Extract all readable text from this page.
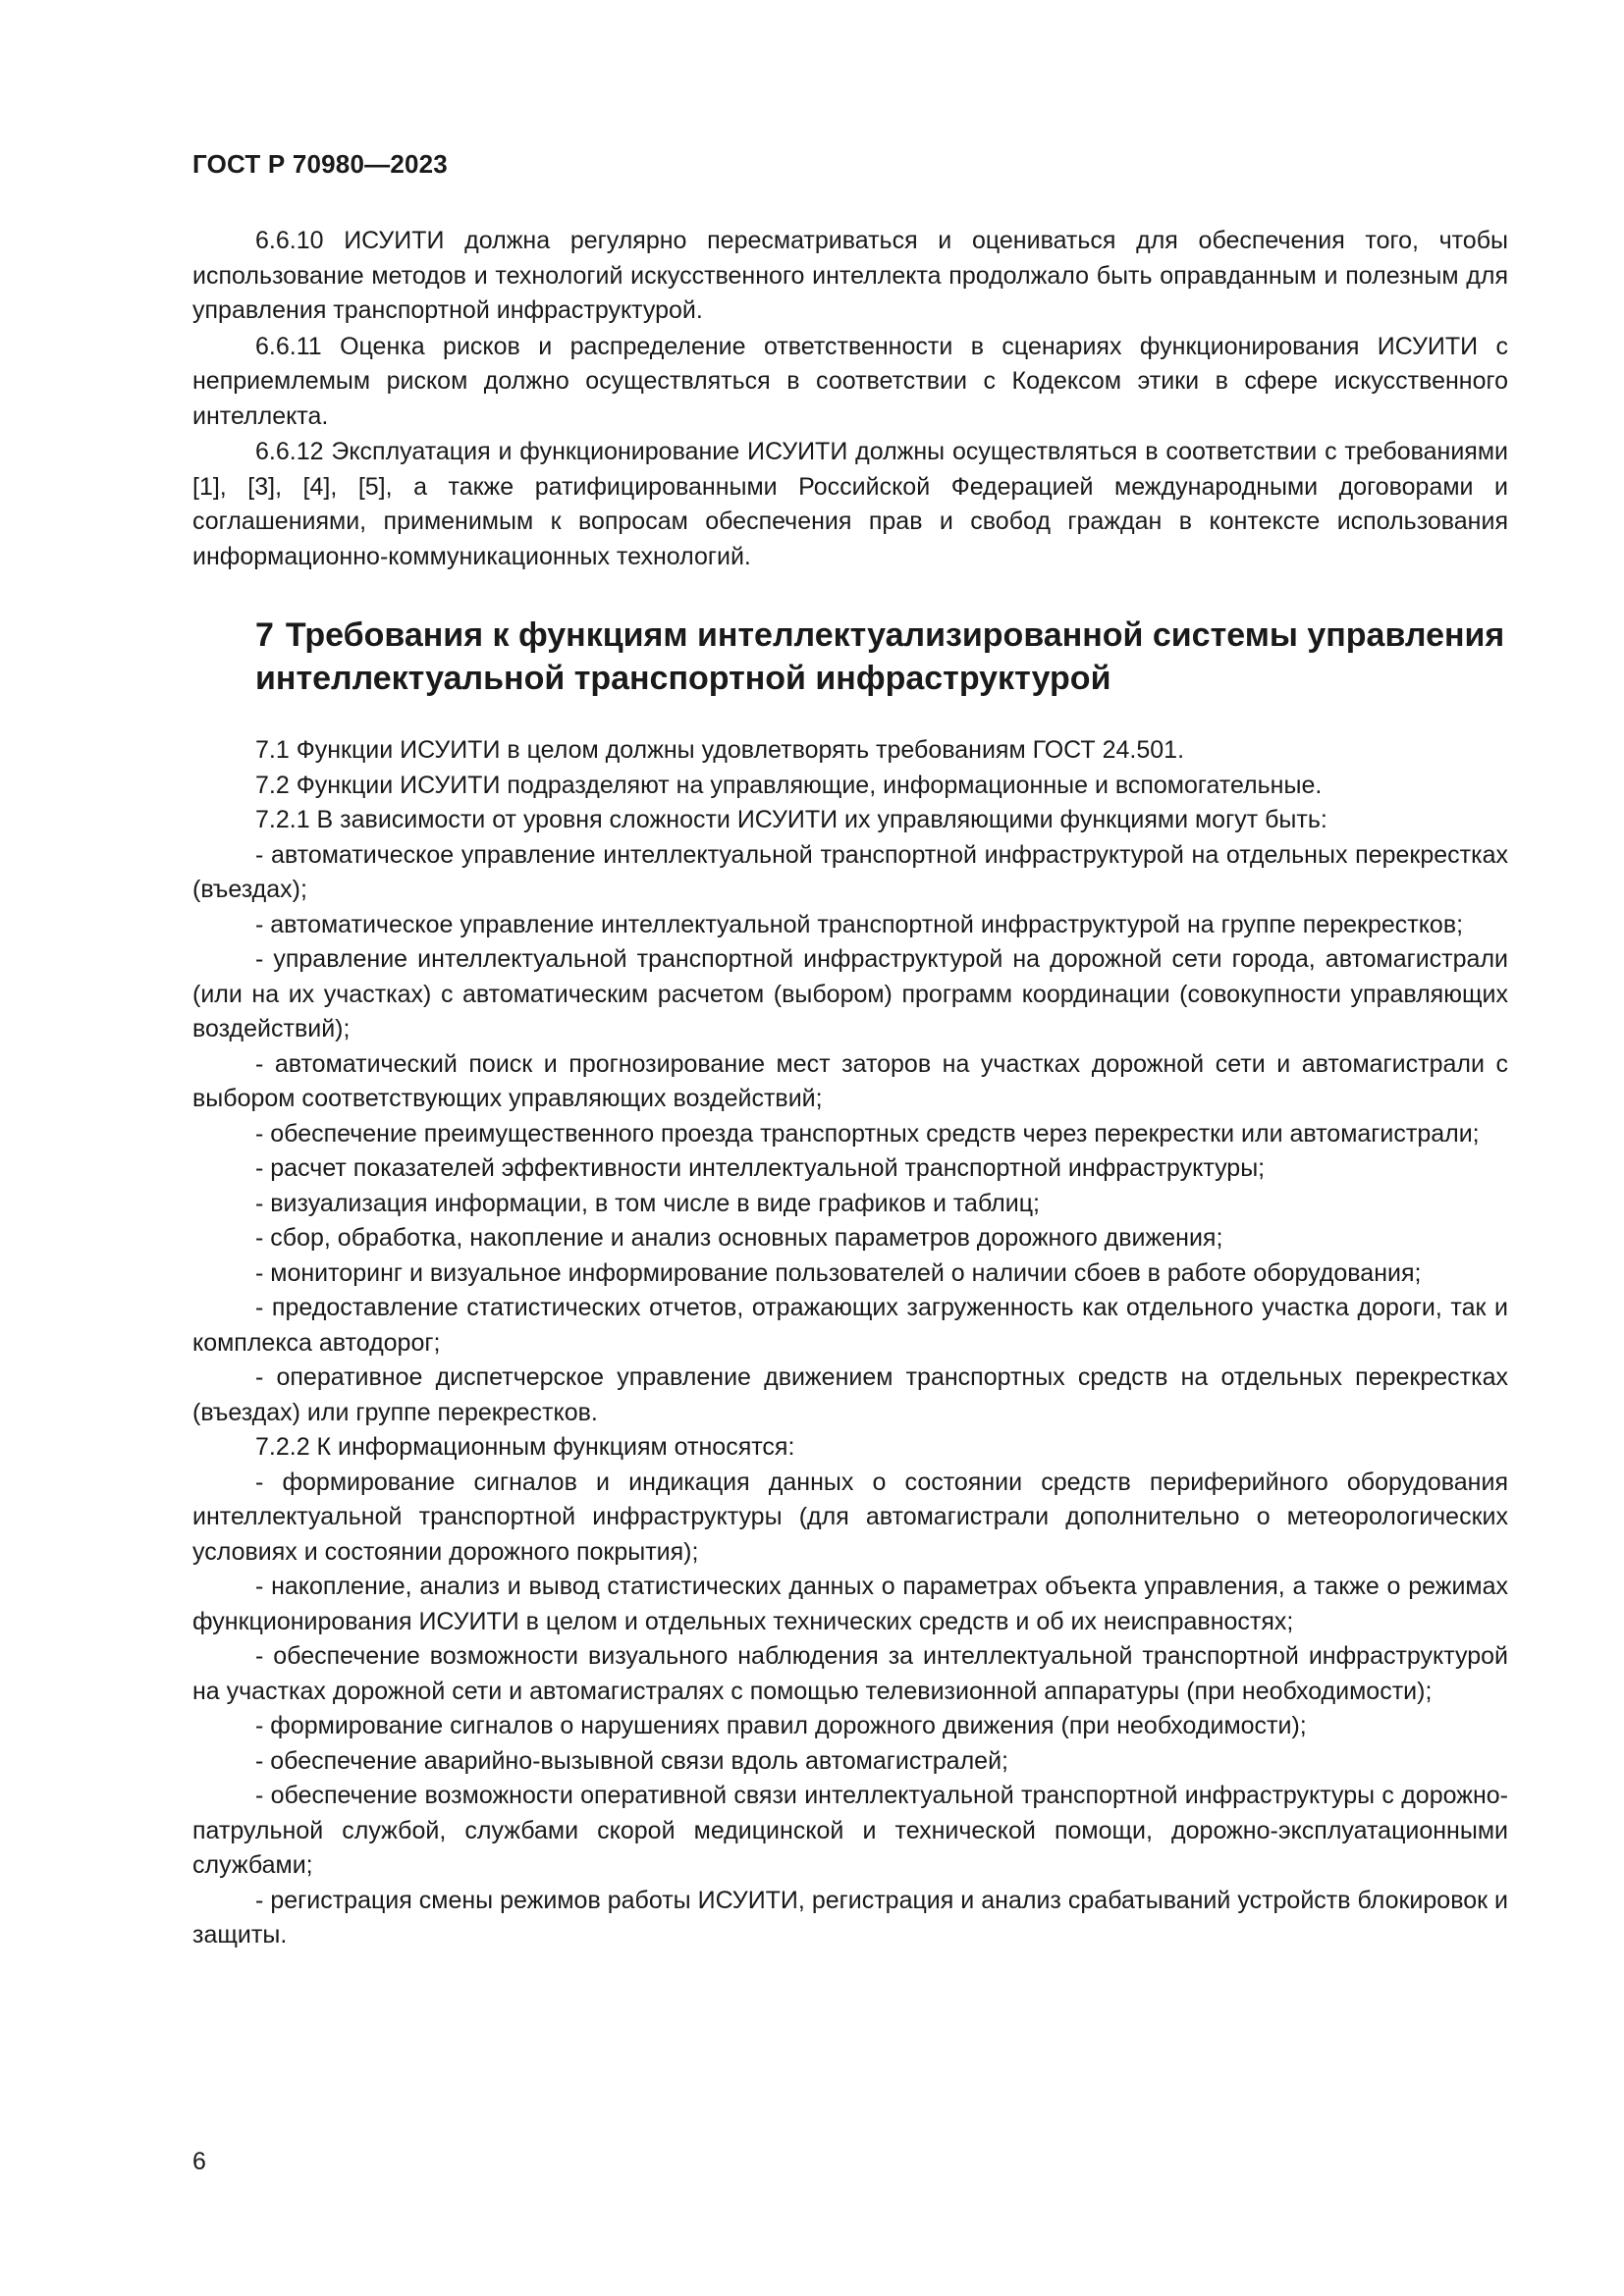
ГОСТ Р 70980—2023

6.6.10 ИСУИТИ должна регулярно пересматриваться и оцениваться для обеспечения того, чтобы использование методов и технологий искусственного интеллекта продолжало быть оправданным и полезным для управления транспортной инфраструктурой.

6.6.11 Оценка рисков и распределение ответственности в сценариях функционирования ИСУИТИ с неприемлемым риском должно осуществляться в соответствии с Кодексом этики в сфере искусственного интеллекта.

6.6.12 Эксплуатация и функционирование ИСУИТИ должны осуществляться в соответствии с требованиями [1], [3], [4], [5], а также ратифицированными Российской Федерацией международными договорами и соглашениями, применимым к вопросам обеспечения прав и свобод граждан в контексте использования информационно-коммуникационных технологий.

7 Требования к функциям интеллектуализированной системы управления интеллектуальной транспортной инфраструктурой

7.1 Функции ИСУИТИ в целом должны удовлетворять требованиям ГОСТ 24.501.

7.2 Функции ИСУИТИ подразделяют на управляющие, информационные и вспомогательные.

7.2.1 В зависимости от уровня сложности ИСУИТИ их управляющими функциями могут быть:

- автоматическое управление интеллектуальной транспортной инфраструктурой на отдельных перекрестках (въездах);

- автоматическое управление интеллектуальной транспортной инфраструктурой на группе перекрестков;

- управление интеллектуальной транспортной инфраструктурой на дорожной сети города, автомагистрали (или на их участках) с автоматическим расчетом (выбором) программ координации (совокупности управляющих воздействий);

- автоматический поиск и прогнозирование мест заторов на участках дорожной сети и автомагистрали с выбором соответствующих управляющих воздействий;

- обеспечение преимущественного проезда транспортных средств через перекрестки или автомагистрали;

- расчет показателей эффективности интеллектуальной транспортной инфраструктуры;

- визуализация информации, в том числе в виде графиков и таблиц;

- сбор, обработка, накопление и анализ основных параметров дорожного движения;

- мониторинг и визуальное информирование пользователей о наличии сбоев в работе оборудования;

- предоставление статистических отчетов, отражающих загруженность как отдельного участка дороги, так и комплекса автодорог;

- оперативное диспетчерское управление движением транспортных средств на отдельных перекрестках (въездах) или группе перекрестков.

7.2.2 К информационным функциям относятся:

- формирование сигналов и индикация данных о состоянии средств периферийного оборудования интеллектуальной транспортной инфраструктуры (для автомагистрали дополнительно о метеорологических условиях и состоянии дорожного покрытия);

- накопление, анализ и вывод статистических данных о параметрах объекта управления, а также о режимах функционирования ИСУИТИ в целом и отдельных технических средств и об их неисправностях;

- обеспечение возможности визуального наблюдения за интеллектуальной транспортной инфраструктурой на участках дорожной сети и автомагистралях с помощью телевизионной аппаратуры (при необходимости);

- формирование сигналов о нарушениях правил дорожного движения (при необходимости);

- обеспечение аварийно-вызывной связи вдоль автомагистралей;

- обеспечение возможности оперативной связи интеллектуальной транспортной инфраструктуры с дорожно-патрульной службой, службами скорой медицинской и технической помощи, дорожно-эксплуатационными службами;

- регистрация смены режимов работы ИСУИТИ, регистрация и анализ срабатываний устройств блокировок и защиты.

6
